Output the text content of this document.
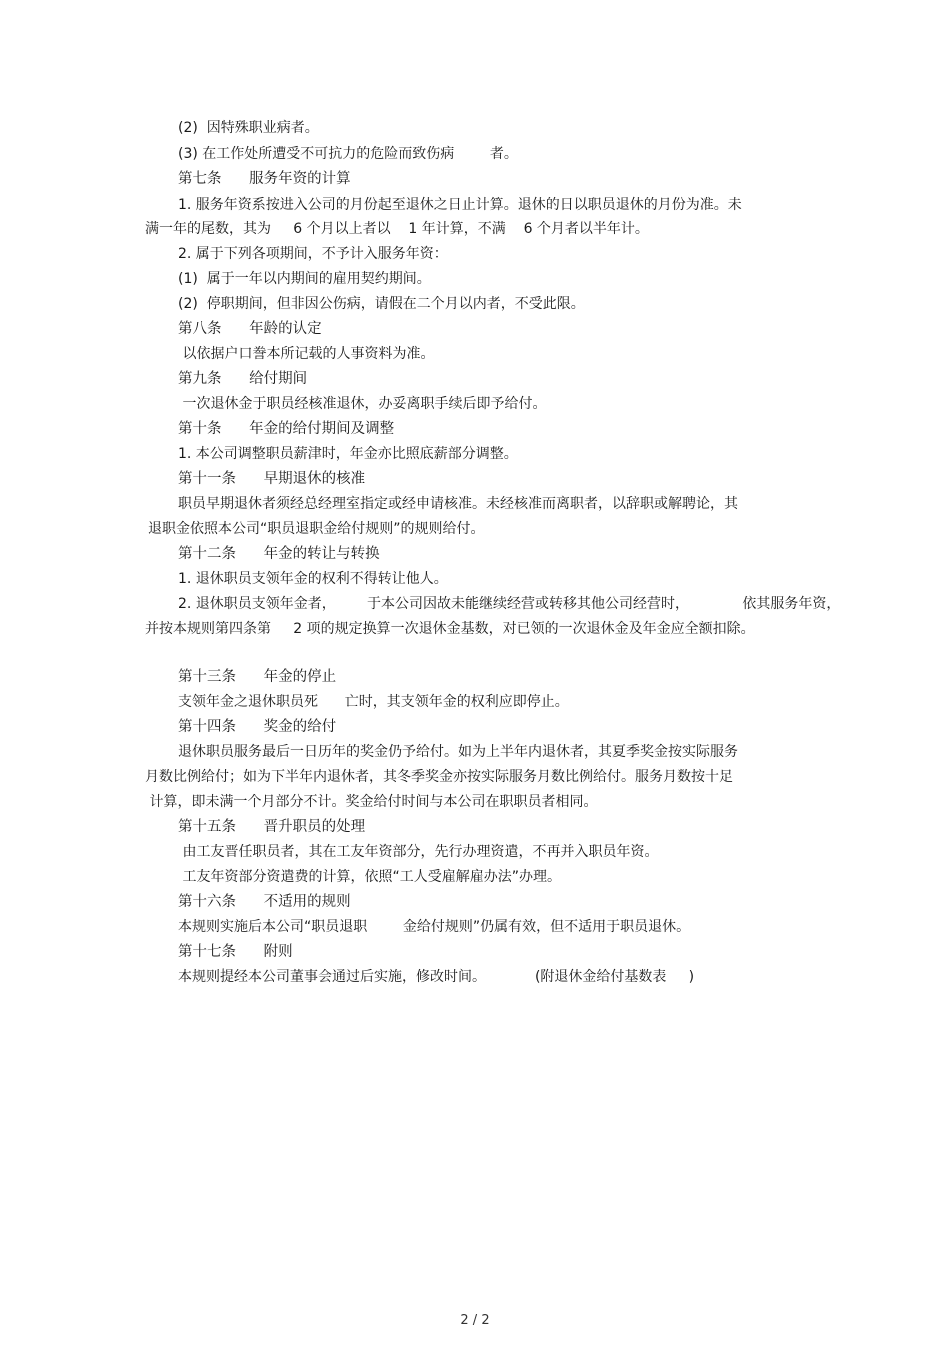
(2)  因特殊职业病者。
(3) 在工作处所遭受不可抗力的危险而致伤病        者。
第七条      服务年资的计算
1. 服务年资系按进入公司的月份起至退休之日止计算。退休的日以职员退休的月份为准。未
满一年的尾数，其为     6 个月以上者以    1 年计算，不满    6 个月者以半年计。
2. 属于下列各项期间，不予计入服务年资：
(1)  属于一年以内期间的雇用契约期间。
(2)  停职期间，但非因公伤病，请假在二个月以内者，不受此限。
第八条      年龄的认定
以依据户口誊本所记载的人事资料为准。
第九条      给付期间
一次退休金于职员经核准退休，办妥离职手续后即予给付。
第十条      年金的给付期间及调整
1. 本公司调整职员薪津时，年金亦比照底薪部分调整。
第十一条      早期退休的核准
职员早期退休者须经总经理室指定或经申请核准。未经核准而离职者，以辞职或解聘论，其
退职金依照本公司“职员退职金给付规则”的规则给付。
第十二条      年金的转让与转换
1. 退休职员支领年金的权利不得转让他人。
2. 退休职员支领年金者，       于本公司因故未能继续经营或转移其他公司经营时，            依其服务年资，
并按本规则第四条第     2 项的规定换算一次退休金基数，对已领的一次退休金及年金应全额扣除。
第十三条      年金的停止
支领年金之退休职员死      亡时，其支领年金的权利应即停止。
第十四条      奖金的给付
退休职员服务最后一日历年的奖金仍予给付。如为上半年内退休者，其夏季奖金按实际服务
月数比例给付；如为下半年内退休者，其冬季奖金亦按实际服务月数比例给付。服务月数按十足
计算，即未满一个月部分不计。奖金给付时间与本公司在职职员者相同。
第十五条      晋升职员的处理
由工友晋任职员者，其在工友年资部分，先行办理资遣，不再并入职员年资。
工友年资部分资遣费的计算，依照“工人受雇解雇办法”办理。
第十六条      不适用的规则
本规则实施后本公司“职员退职        金给付规则”仍属有效，但不适用于职员退休。
第十七条      附则
本规则提经本公司董事会通过后实施，修改时间。           (附退休金给付基数表     )
2 / 2
